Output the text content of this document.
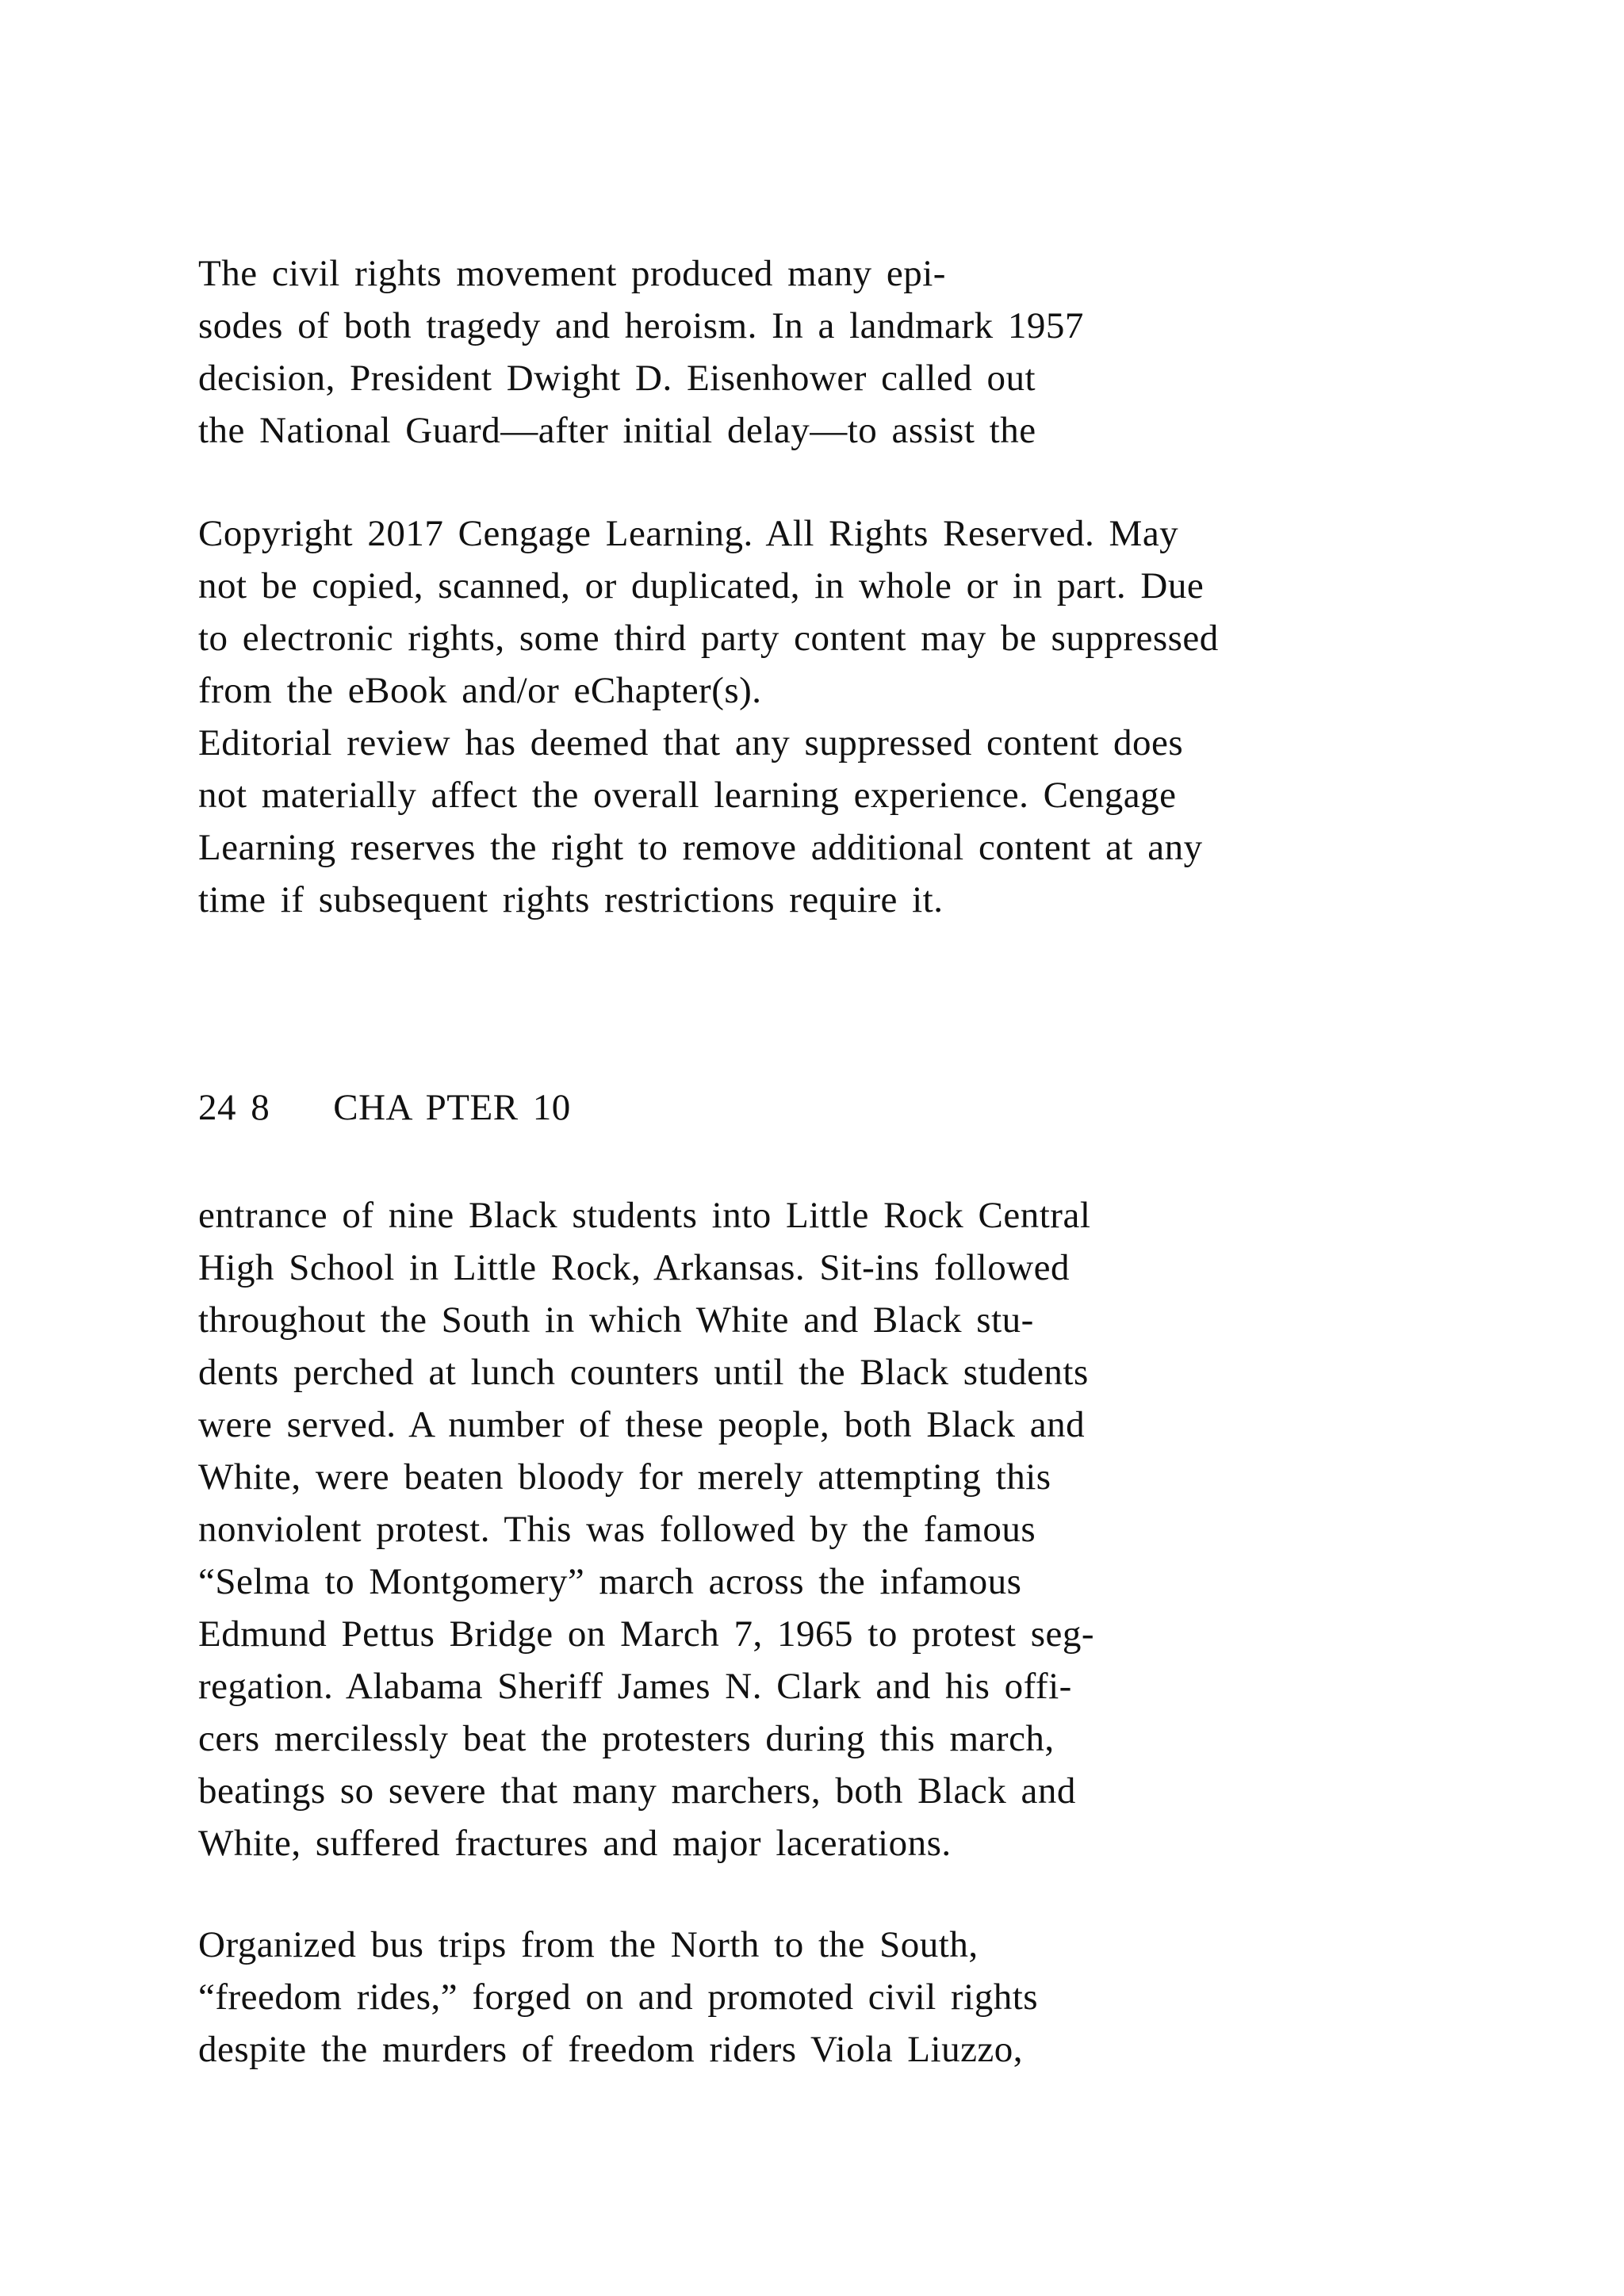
The civil rights movement produced many epi-
sodes of both tragedy and heroism. In a landmark 1957
decision, President Dwight D. Eisenhower called out
the National Guard—after initial delay—to assist the
Copyright 2017 Cengage Learning. All Rights Reserved. May
not be copied, scanned, or duplicated, in whole or in part. Due
to electronic rights, some third party content may be suppressed
from the eBook and/or eChapter(s).
Editorial review has deemed that any suppressed content does
not materially affect the overall learning experience. Cengage
Learning reserves the right to remove additional content at any
time if subsequent rights restrictions require it.
24 8 CHA PTER 10
entrance of nine Black students into Little Rock Central
High School in Little Rock, Arkansas. Sit-ins followed
throughout the South in which White and Black stu-
dents perched at lunch counters until the Black students
were served. A number of these people, both Black and
White, were beaten bloody for merely attempting this
nonviolent protest. This was followed by the famous
“Selma to Montgomery” march across the infamous
Edmund Pettus Bridge on March 7, 1965 to protest seg-
regation. Alabama Sheriff James N. Clark and his offi-
cers mercilessly beat the protesters during this march,
beatings so severe that many marchers, both Black and
White, suffered fractures and major lacerations.
Organized bus trips from the North to the South,
“freedom rides,” forged on and promoted civil rights
despite the murders of freedom riders Viola Liuzzo,
